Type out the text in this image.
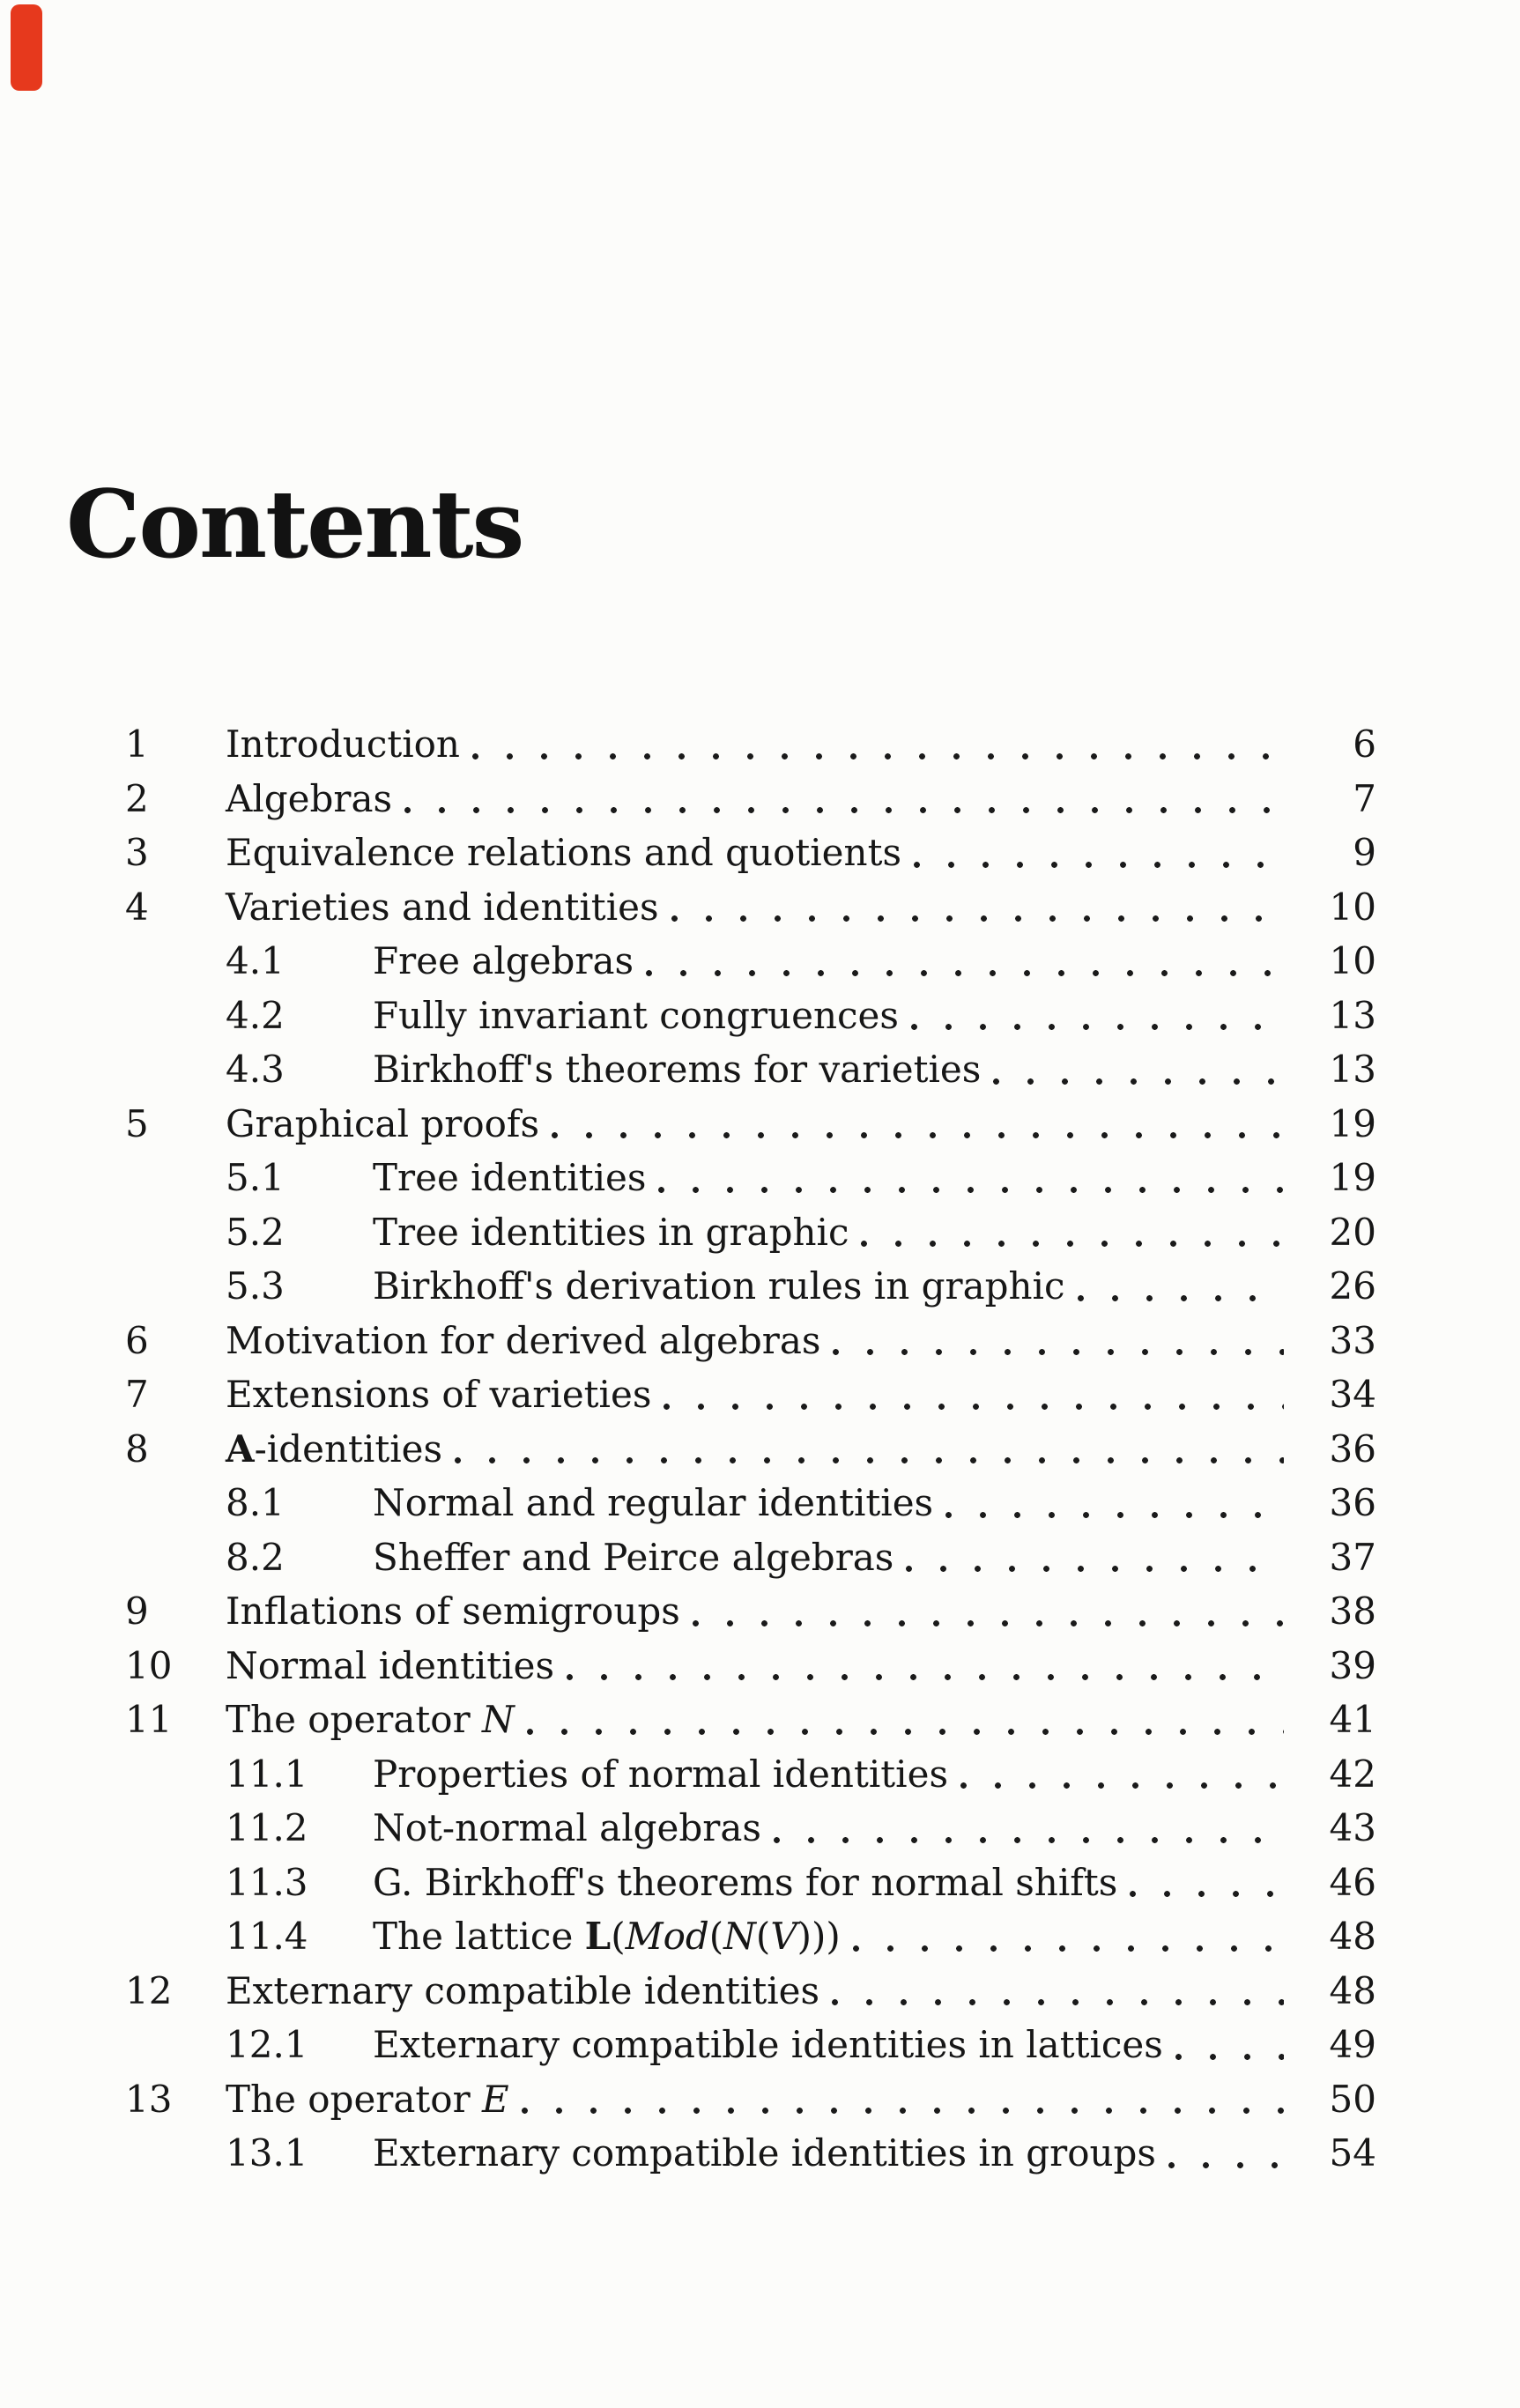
Contents
1	Introduction	6
2	Algebras	7
3	Equivalence relations and quotients	9
4	Varieties and identities	10
4.1	Free algebras	10
4.2	Fully invariant congruences	13
4.3	Birkhoff's theorems for varieties	13
5	Graphical proofs	19
5.1	Tree identities	19
5.2	Tree identities in graphic	20
5.3	Birkhoff's derivation rules in graphic	26
6	Motivation for derived algebras	33
7	Extensions of varieties	34
8	A-identities	36
8.1	Normal and regular identities	36
8.2	Sheffer and Peirce algebras	37
9	Inflations of semigroups	38
10	Normal identities	39
11	The operator N	41
11.1	Properties of normal identities	42
11.2	Not-normal algebras	43
11.3	G. Birkhoff's theorems for normal shifts	46
11.4	The lattice L(Mod(N(V)))	48
12	Externary compatible identities	48
12.1	Externary compatible identities in lattices	49
13	The operator E	50
13.1	Externary compatible identities in groups	54
